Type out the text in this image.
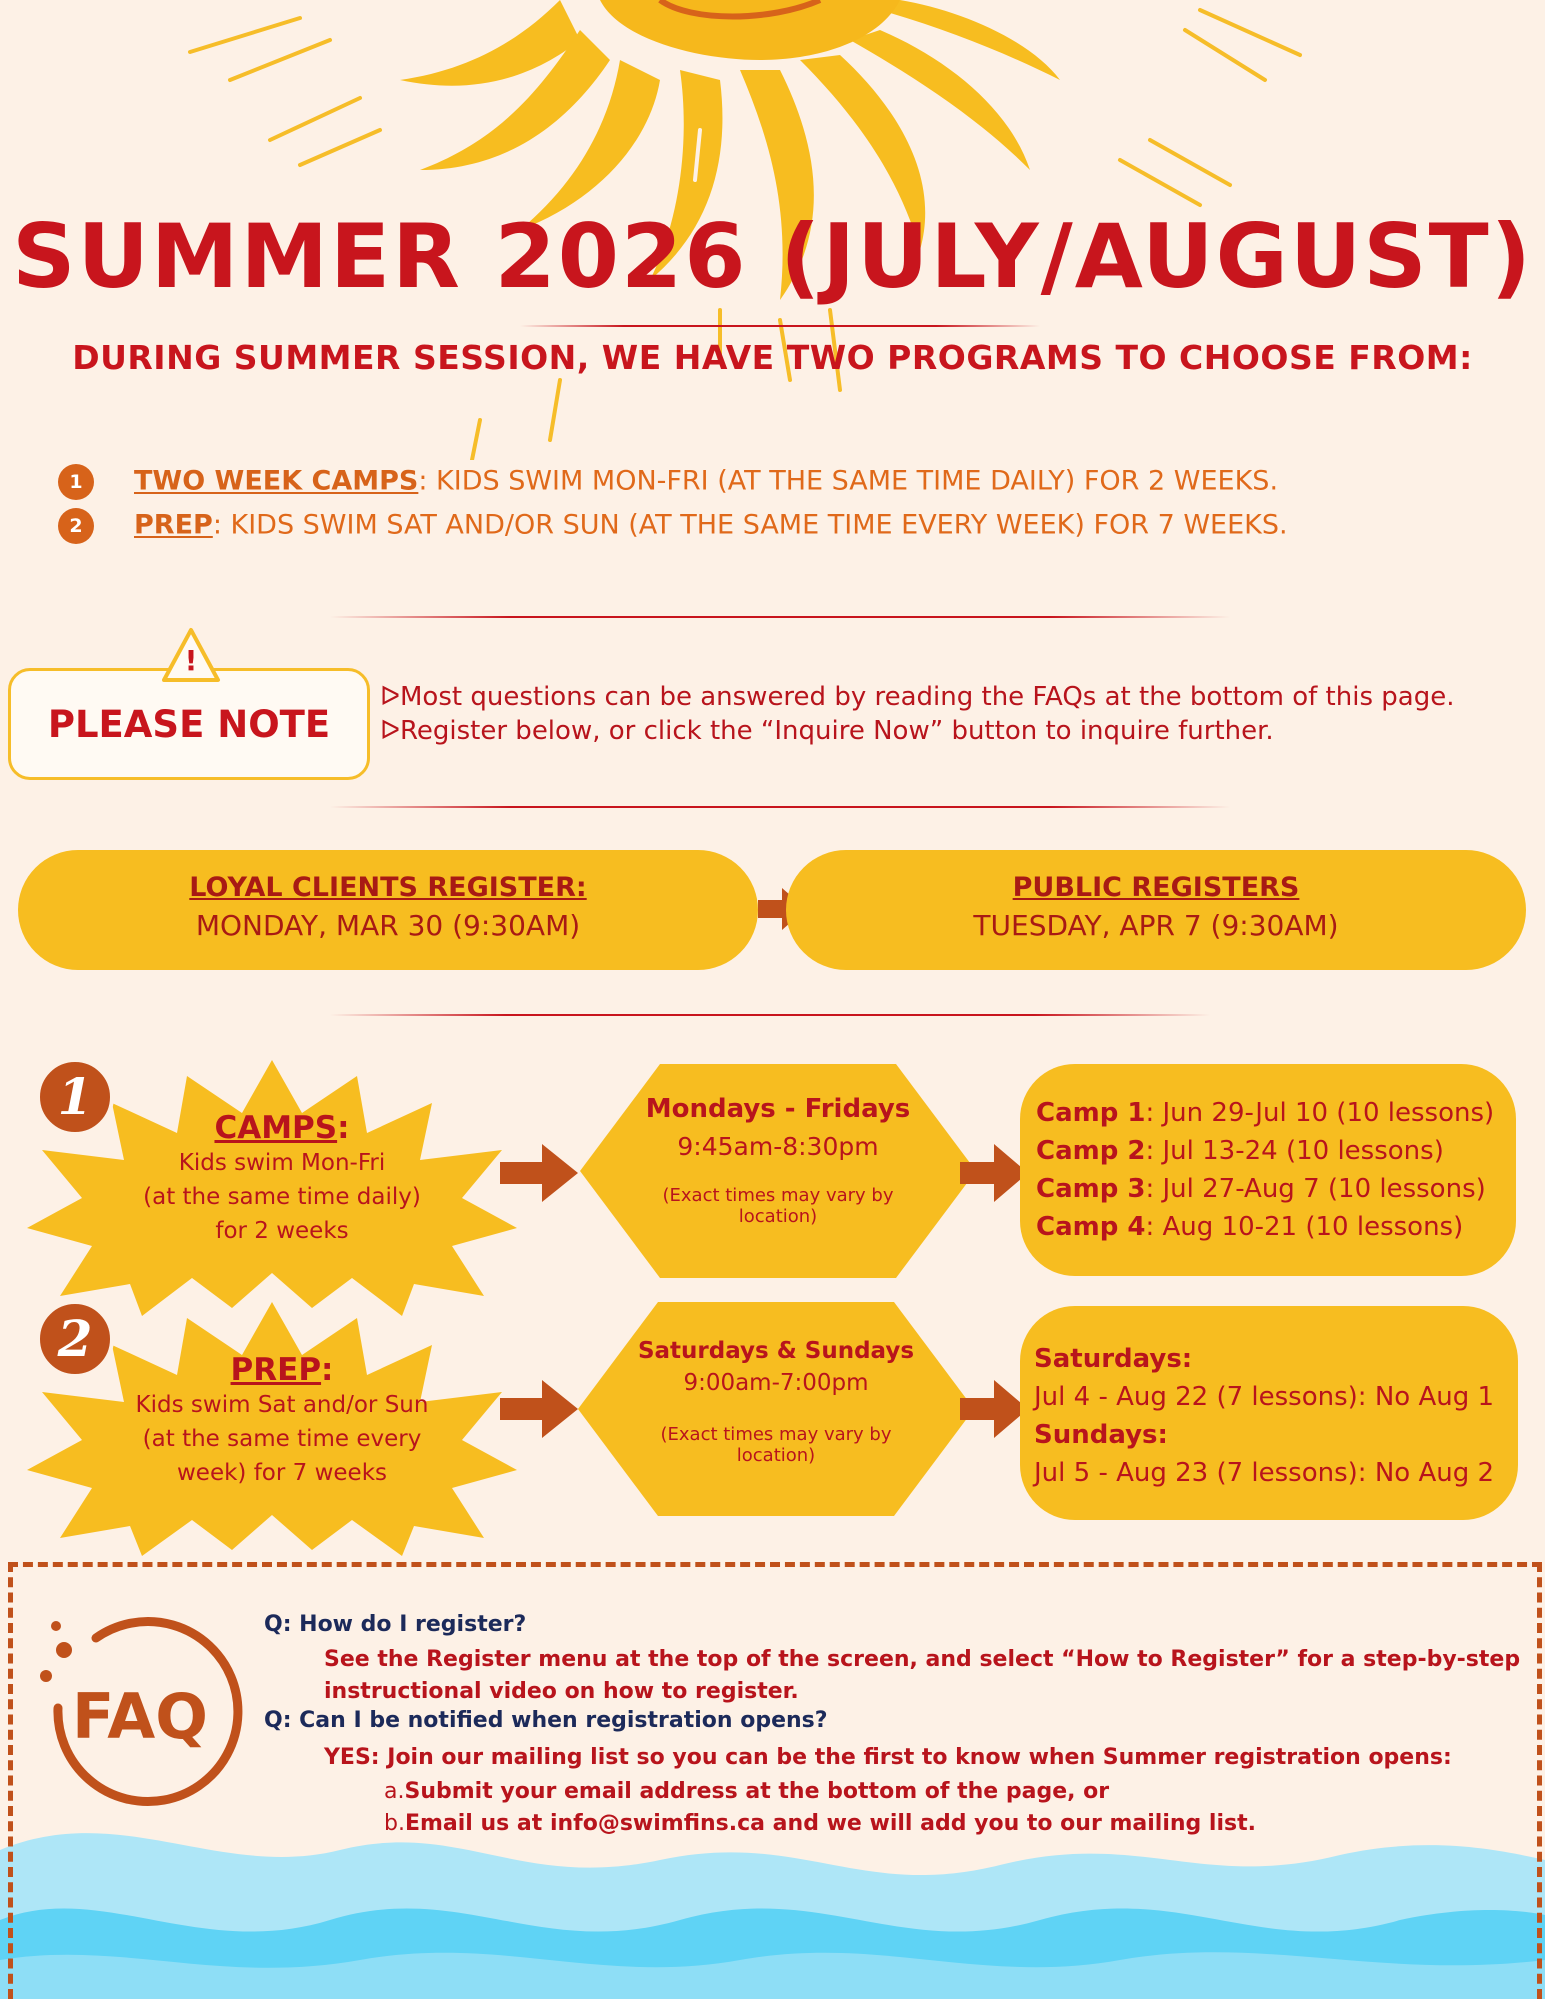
SUMMER 2026 (JULY/AUGUST)
DURING SUMMER SESSION, WE HAVE TWO PROGRAMS TO CHOOSE FROM:
1 TWO WEEK CAMPS: KIDS SWIM MON-FRI (AT THE SAME TIME DAILY) FOR 2 WEEKS.
2 PREP: KIDS SWIM SAT AND/OR SUN (AT THE SAME TIME EVERY WEEK) FOR 7 WEEKS.
!
PLEASE NOTE
ᐅMost questions can be answered by reading the FAQs at the bottom of this page.
ᐅRegister below, or click the “Inquire Now” button to inquire further.
LOYAL CLIENTS REGISTER:
MONDAY, MAR 30 (9:30AM)
PUBLIC REGISTERS
TUESDAY, APR 7 (9:30AM)
1
CAMPS:
Kids swim Mon-Fri
(at the same time daily)
for 2 weeks
Mondays - Fridays
9:45am-8:30pm
(Exact times may vary by
location)
Camp 1: Jun 29-Jul 10 (10 lessons)
Camp 2: Jul 13-24 (10 lessons)
Camp 3: Jul 27-Aug 7 (10 lessons)
Camp 4: Aug 10-21 (10 lessons)
2
PREP:
Kids swim Sat and/or Sun
(at the same time every
week) for 7 weeks
Saturdays & Sundays
9:00am-7:00pm
(Exact times may vary by
location)
Saturdays:
Jul 4 - Aug 22 (7 lessons): No Aug 1
Sundays:
Jul 5 - Aug 23 (7 lessons): No Aug 2
FAQ
Q: How do I register?
See the Register menu at the top of the screen, and select “How to Register” for a step-by-step
instructional video on how to register.
Q: Can I be notified when registration opens?
YES: Join our mailing list so you can be the first to know when Summer registration opens:
a.Submit your email address at the bottom of the page, or
b.Email us at info@swimfins.ca and we will add you to our mailing list.
